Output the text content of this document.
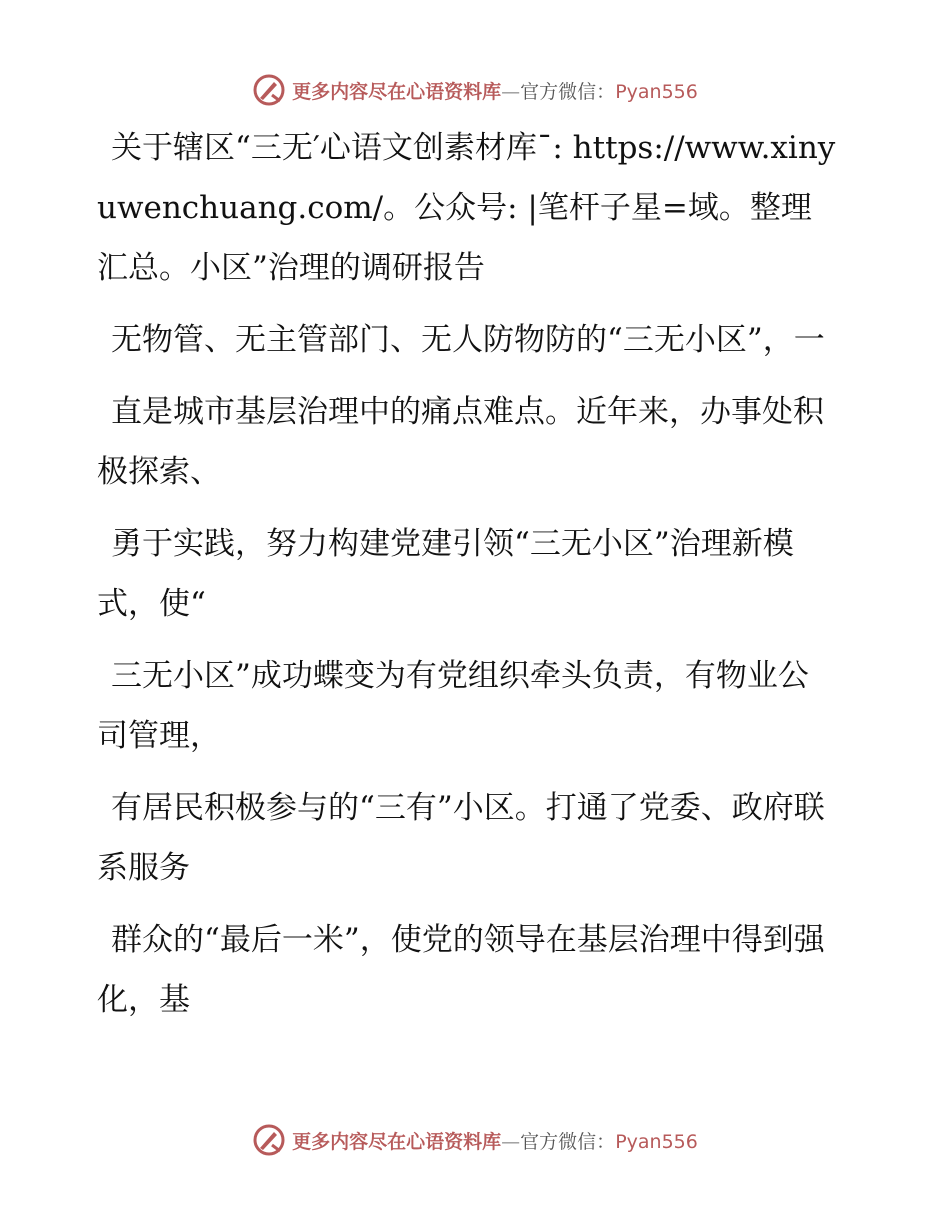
更多内容尽在心语资料库—官方微信：Pyan556

关于辖区“三无′心语文创素材库¯: https://www.xinyuwenchuang.com/。公众号: |笔杆子星=域。整理汇总。小区”治理的调研报告

无物管、无主管部门、无人防物防的“三无小区”，一

直是城市基层治理中的痛点难点。近年来，办事处积极探索、

勇于实践，努力构建党建引领“三无小区”治理新模式，使“

三无小区”成功蝶变为有党组织牵头负责，有物业公司管理，

有居民积极参与的“三有”小区。打通了党委、政府联系服务

群众的“最后一米”，使党的领导在基层治理中得到强化，基

更多内容尽在心语资料库—官方微信：Pyan556
